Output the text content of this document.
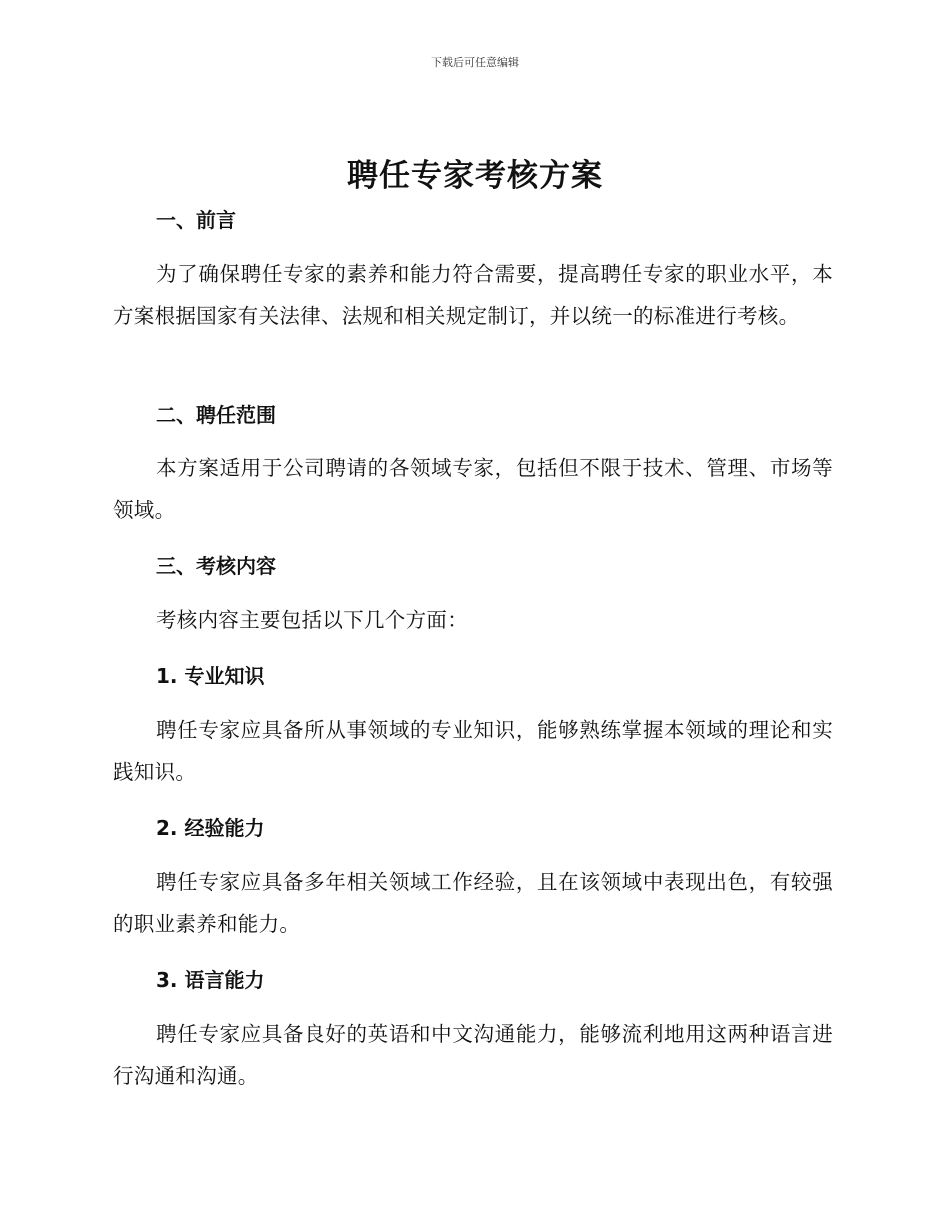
下载后可任意编辑
聘任专家考核方案
一、前言
为了确保聘任专家的素养和能力符合需要，提高聘任专家的职业水平，本方案根据国家有关法律、法规和相关规定制订，并以统一的标准进行考核。
二、聘任范围
本方案适用于公司聘请的各领域专家，包括但不限于技术、管理、市场等领域。
三、考核内容
考核内容主要包括以下几个方面：
1. 专业知识
聘任专家应具备所从事领域的专业知识，能够熟练掌握本领域的理论和实践知识。
2. 经验能力
聘任专家应具备多年相关领域工作经验，且在该领域中表现出色，有较强的职业素养和能力。
3. 语言能力
聘任专家应具备良好的英语和中文沟通能力，能够流利地用这两种语言进行沟通和沟通。
